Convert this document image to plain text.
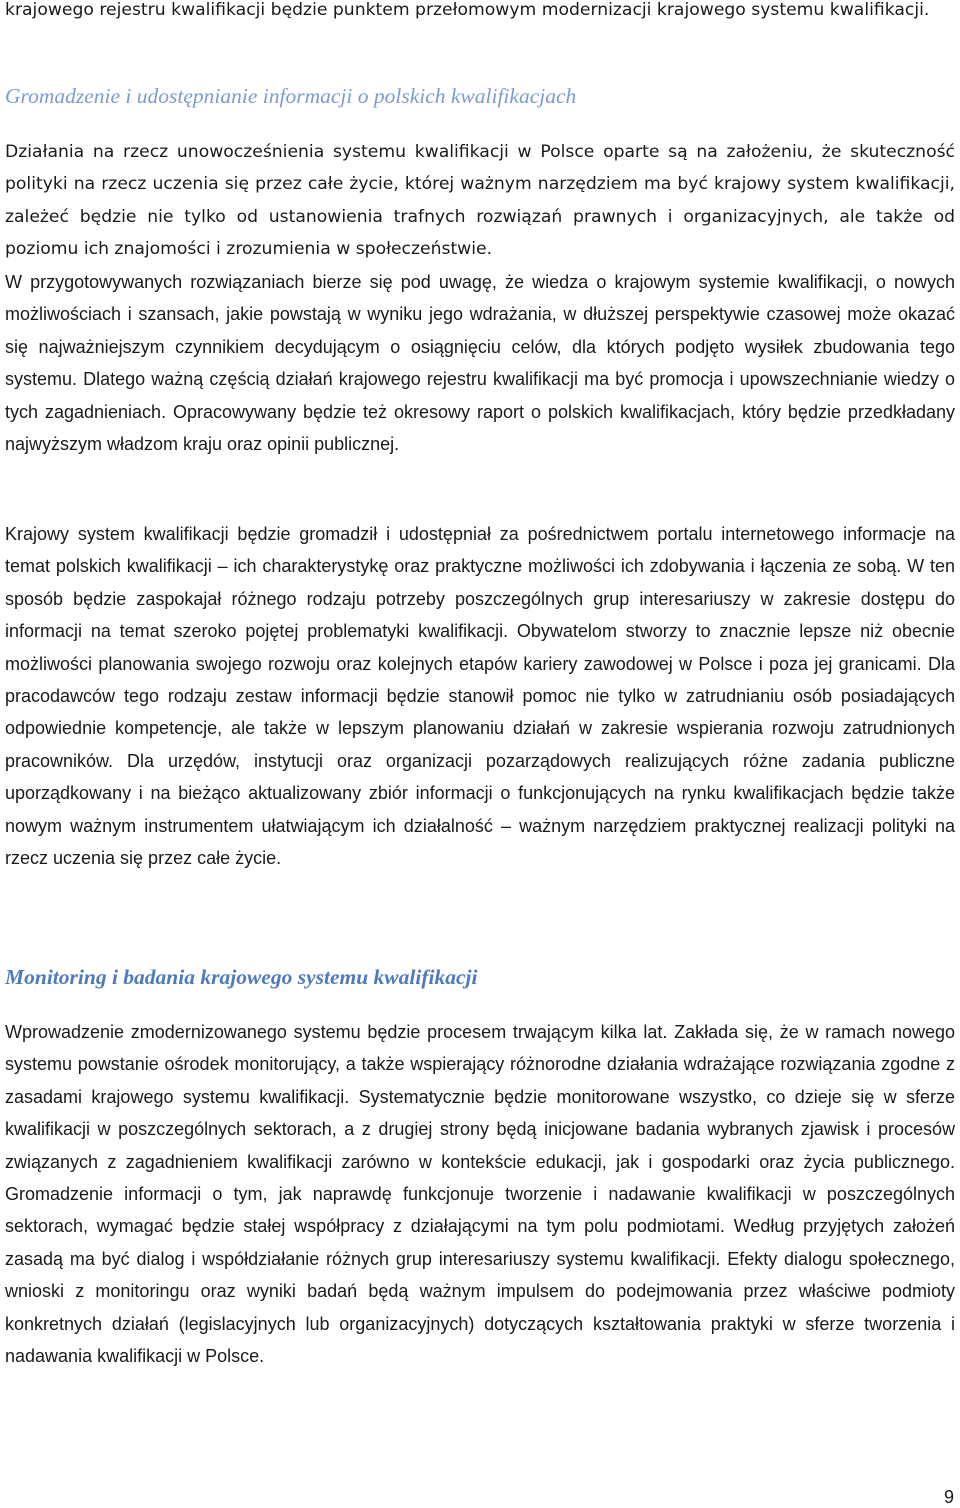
krajowego rejestru kwalifikacji będzie punktem przełomowym modernizacji krajowego systemu kwalifikacji.

Gromadzenie i udostępnianie informacji o polskich kwalifikacjach

Działania na rzecz unowocześnienia systemu kwalifikacji w Polsce oparte są na założeniu, że skuteczność polityki na rzecz uczenia się przez całe życie, której ważnym narzędziem ma być krajowy system kwalifikacji, zależeć będzie nie tylko od ustanowienia trafnych rozwiązań prawnych i organizacyjnych, ale także od poziomu ich znajomości i zrozumienia w społeczeństwie.

W przygotowywanych rozwiązaniach bierze się pod uwagę, że wiedza o krajowym systemie kwalifikacji, o nowych możliwościach i szansach, jakie powstają w wyniku jego wdrażania, w dłuższej perspektywie czasowej może okazać się najważniejszym czynnikiem decydującym o osiągnięciu celów, dla których podjęto wysiłek zbudowania tego systemu. Dlatego ważną częścią działań krajowego rejestru kwalifikacji ma być promocja i upowszechnianie wiedzy o tych zagadnieniach. Opracowywany będzie też okresowy raport o polskich kwalifikacjach, który będzie przedkładany najwyższym władzom kraju oraz opinii publicznej.

Krajowy system kwalifikacji będzie gromadził i udostępniał za pośrednictwem portalu internetowego informacje na temat polskich kwalifikacji – ich charakterystykę oraz praktyczne możliwości ich zdobywania i łączenia ze sobą. W ten sposób będzie zaspokajał różnego rodzaju potrzeby poszczególnych grup interesariuszy w zakresie dostępu do informacji na temat szeroko pojętej problematyki kwalifikacji. Obywatelom stworzy to znacznie lepsze niż obecnie możliwości planowania swojego rozwoju oraz kolejnych etapów kariery zawodowej w Polsce i poza jej granicami. Dla pracodawców tego rodzaju zestaw informacji będzie stanowił pomoc nie tylko w zatrudnianiu osób posiadających odpowiednie kompetencje, ale także w lepszym planowaniu działań w zakresie wspierania rozwoju zatrudnionych pracowników. Dla urzędów, instytucji oraz organizacji pozarządowych realizujących różne zadania publiczne uporządkowany i na bieżąco aktualizowany zbiór informacji o funkcjonujących na rynku kwalifikacjach będzie także nowym ważnym instrumentem ułatwiającym ich działalność – ważnym narzędziem praktycznej realizacji polityki na rzecz uczenia się przez całe życie.

Monitoring i badania krajowego systemu kwalifikacji

Wprowadzenie zmodernizowanego systemu będzie procesem trwającym kilka lat. Zakłada się, że w ramach nowego systemu powstanie ośrodek monitorujący, a także wspierający różnorodne działania wdrażające rozwiązania zgodne z zasadami krajowego systemu kwalifikacji. Systematycznie będzie monitorowane wszystko, co dzieje się w sferze kwalifikacji w poszczególnych sektorach, a z drugiej strony będą inicjowane badania wybranych zjawisk i procesów związanych z zagadnieniem kwalifikacji zarówno w kontekście edukacji, jak i gospodarki oraz życia publicznego. Gromadzenie informacji o tym, jak naprawdę funkcjonuje tworzenie i nadawanie kwalifikacji w poszczególnych sektorach, wymagać będzie stałej współpracy z działającymi na tym polu podmiotami. Według przyjętych założeń zasadą ma być dialog i współdziałanie różnych grup interesariuszy systemu kwalifikacji. Efekty dialogu społecznego, wnioski z monitoringu oraz wyniki badań będą ważnym impulsem do podejmowania przez właściwe podmioty konkretnych działań (legislacyjnych lub organizacyjnych) dotyczących kształtowania praktyki w sferze tworzenia i nadawania kwalifikacji w Polsce.

9
